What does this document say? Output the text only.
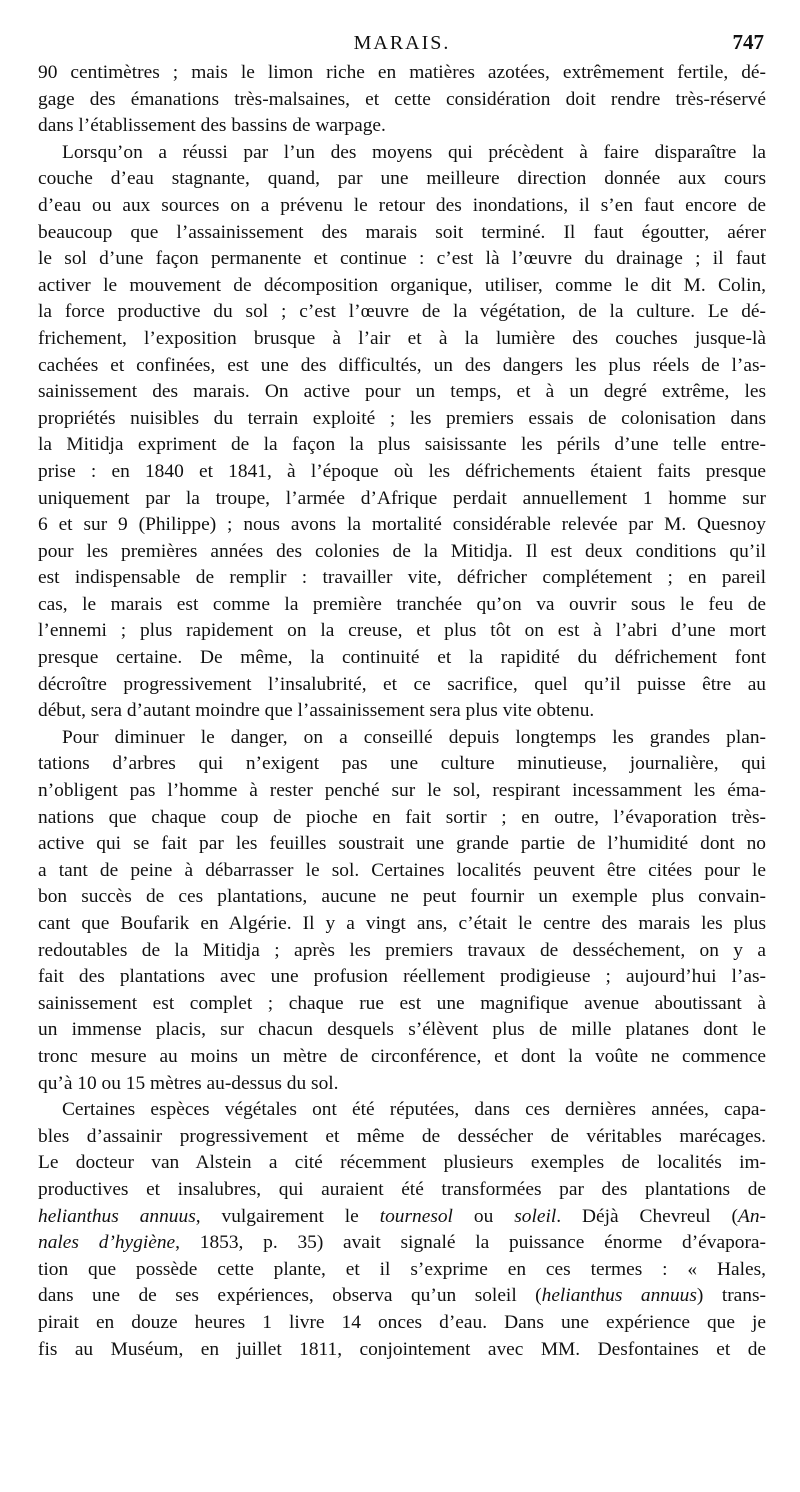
MARAIS.	747
90 centimètres ; mais le limon riche en matières azotées, extrêmement fertile, dé-
gage des émanations très-malsaines, et cette considération doit rendre très-réservé
dans l’établissement des bassins de warpage.
Lorsqu’on a réussi par l’un des moyens qui précèdent à faire disparaître la
couche d’eau stagnante, quand, par une meilleure direction donnée aux cours
d’eau ou aux sources on a prévenu le retour des inondations, il s’en faut encore de
beaucoup que l’assainissement des marais soit terminé. Il faut égoutter, aérer
le sol d’une façon permanente et continue : c’est là l’œuvre du drainage ; il faut
activer le mouvement de décomposition organique, utiliser, comme le dit M. Colin,
la force productive du sol ; c’est l’œuvre de la végétation, de la culture. Le dé-
frichement, l’exposition brusque à l’air et à la lumière des couches jusque-là
cachées et confinées, est une des difficultés, un des dangers les plus réels de l’as-
sainissement des marais. On active pour un temps, et à un degré extrême, les
propriétés nuisibles du terrain exploité ; les premiers essais de colonisation dans
la Mitidja expriment de la façon la plus saisissante les périls d’une telle entre-
prise : en 1840 et 1841, à l’époque où les défrichements étaient faits presque
uniquement par la troupe, l’armée d’Afrique perdait annuellement 1 homme sur
6 et sur 9 (Philippe) ; nous avons la mortalité considérable relevée par M. Quesnoy
pour les premières années des colonies de la Mitidja. Il est deux conditions qu’il
est indispensable de remplir : travailler vite, défricher complétement ; en pareil
cas, le marais est comme la première tranchée qu’on va ouvrir sous le feu de
l’ennemi ; plus rapidement on la creuse, et plus tôt on est à l’abri d’une mort
presque certaine. De même, la continuité et la rapidité du défrichement font
décroître progressivement l’insalubrité, et ce sacrifice, quel qu’il puisse être au
début, sera d’autant moindre que l’assainissement sera plus vite obtenu.
Pour diminuer le danger, on a conseillé depuis longtemps les grandes plan-
tations d’arbres qui n’exigent pas une culture minutieuse, journalière, qui
n’obligent pas l’homme à rester penché sur le sol, respirant incessamment les éma-
nations que chaque coup de pioche en fait sortir ; en outre, l’évaporation très-
active qui se fait par les feuilles soustrait une grande partie de l’humidité dont no
a tant de peine à débarrasser le sol. Certaines localités peuvent être citées pour le
bon succès de ces plantations, aucune ne peut fournir un exemple plus convain-
cant que Boufarik en Algérie. Il y a vingt ans, c’était le centre des marais les plus
redoutables de la Mitidja ; après les premiers travaux de desséchement, on y a
fait des plantations avec une profusion réellement prodigieuse ; aujourd’hui l’as-
sainissement est complet ; chaque rue est une magnifique avenue aboutissant à
un immense placis, sur chacun desquels s’élèvent plus de mille platanes dont le
tronc mesure au moins un mètre de circonférence, et dont la voûte ne commence
qu’à 10 ou 15 mètres au-dessus du sol.
Certaines espèces végétales ont été réputées, dans ces dernières années, capa-
bles d’assainir progressivement et même de dessécher de véritables marécages.
Le docteur van Alstein a cité récemment plusieurs exemples de localités im-
productives et insalubres, qui auraient été transformées par des plantations de
helianthus annuus, vulgairement le tournesol ou soleil. Déjà Chevreul (An-
nales d’hygiène, 1853, p. 35) avait signalé la puissance énorme d’évapora-
tion que possède cette plante, et il s’exprime en ces termes : « Hales,
dans une de ses expériences, observa qu’un soleil (helianthus annuus) trans-
pirait en douze heures 1 livre 14 onces d’eau. Dans une expérience que je
fis au Muséum, en juillet 1811, conjointement avec MM. Desfontaines et de
